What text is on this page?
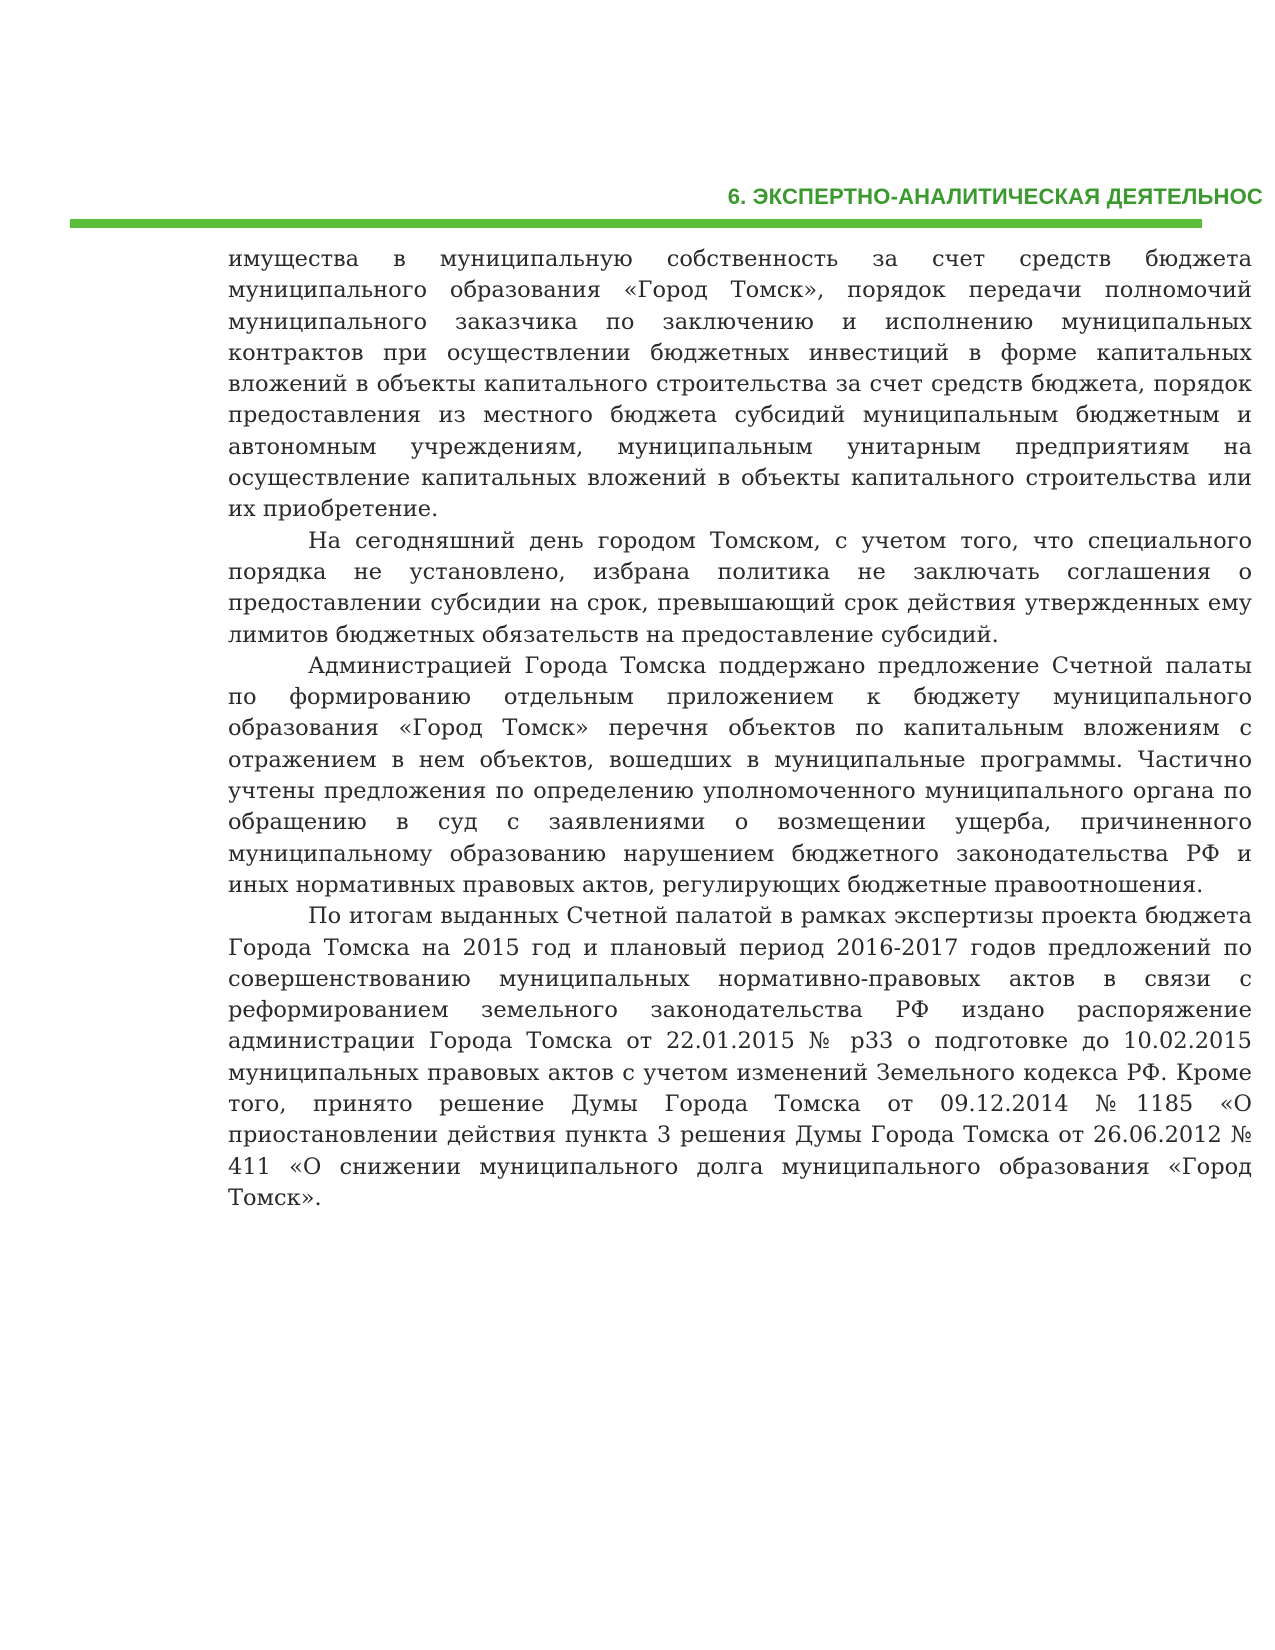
6. ЭКСПЕРТНО-АНАЛИТИЧЕСКАЯ ДЕЯТЕЛЬНОС

имущества в муниципальную собственность за счет средств бюджета муниципального образования «Город Томск», порядок передачи полномочий муниципального заказчика по заключению и исполнению муниципальных контрактов при осуществлении бюджетных инвестиций в форме капитальных вложений в объекты капитального строительства за счет средств бюджета, порядок предоставления из местного бюджета субсидий муниципальным бюджетным и автономным учреждениям, муниципальным унитарным предприятиям на осуществление капитальных вложений в объекты капитального строительства или их приобретение.

На сегодняшний день городом Томском, с учетом того, что специального порядка не установлено, избрана политика не заключать соглашения о предоставлении субсидии на срок, превышающий срок действия утвержденных ему лимитов бюджетных обязательств на предоставление субсидий.

Администрацией Города Томска поддержано предложение Счетной палаты по формированию отдельным приложением к бюджету муниципального образования «Город Томск» перечня объектов по капитальным вложениям с отражением в нем объектов, вошедших в муниципальные программы. Частично учтены предложения по определению уполномоченного муниципального органа по обращению в суд с заявлениями о возмещении ущерба, причиненного муниципальному образованию нарушением бюджетного законодательства РФ и иных нормативных правовых актов, регулирующих бюджетные правоотношения.

По итогам выданных Счетной палатой в рамках экспертизы проекта бюджета Города Томска на 2015 год и плановый период 2016-2017 годов предложений по совершенствованию муниципальных нормативно-правовых актов в связи с реформированием земельного законодательства РФ издано распоряжение администрации Города Томска от 22.01.2015 № р33 о подготовке до 10.02.2015 муниципальных правовых актов с учетом изменений Земельного кодекса РФ. Кроме того, принято решение Думы Города Томска от 09.12.2014 №1185 «О приостановлении действия пункта 3 решения Думы Города Томска от 26.06.2012 № 411 «О снижении муниципального долга муниципального образования «Город Томск».
